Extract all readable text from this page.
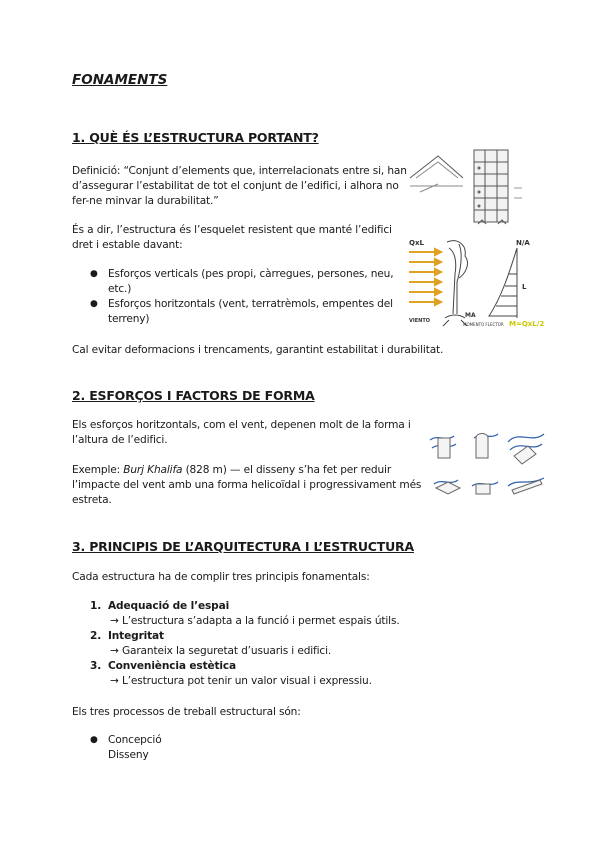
FONAMENTS
1. QUÈ ÉS L’ESTRUCTURA PORTANT?
Definició: “Conjunt d’elements que, interrelacionats entre si, han
d’assegurar l’estabilitat de tot el conjunt de l’edifici, i alhora no
fer-ne minvar la durabilitat.”
És a dir, l’estructura és l’esquelet resistent que manté l’edifici
dret i estable davant:
● Esforços verticals (pes propi, càrregues, persones, neu,
etc.)
● Esforços horitzontals (vent, terratrèmols, empentes del
terreny)
Cal evitar deformacions i trencaments, garantint estabilitat i durabilitat.
QxL	N/A
L
VIENTO
MA
MOMENTO FLECTOR M=QxL/2
2. ESFORÇOS I FACTORS DE FORMA
Els esforços horitzontals, com el vent, depenen molt de la forma i
l’altura de l’edifici.
Exemple: Burj Khalifa (828 m) — el disseny s’ha fet per reduir
l’impacte del vent amb una forma helicoïdal i progressivament més
estreta.
3. PRINCIPIS DE L’ARQUITECTURA I L’ESTRUCTURA
Cada estructura ha de complir tres principis fonamentals:
1. Adequació de l’espai
→ L’estructura s’adapta a la funció i permet espais útils.
2. Integritat
→ Garanteix la seguretat d’usuaris i edifici.
3. Conveniència estètica
→ L’estructura pot tenir un valor visual i expressiu.
Els tres processos de treball estructural són:
● Concepció
Disseny
